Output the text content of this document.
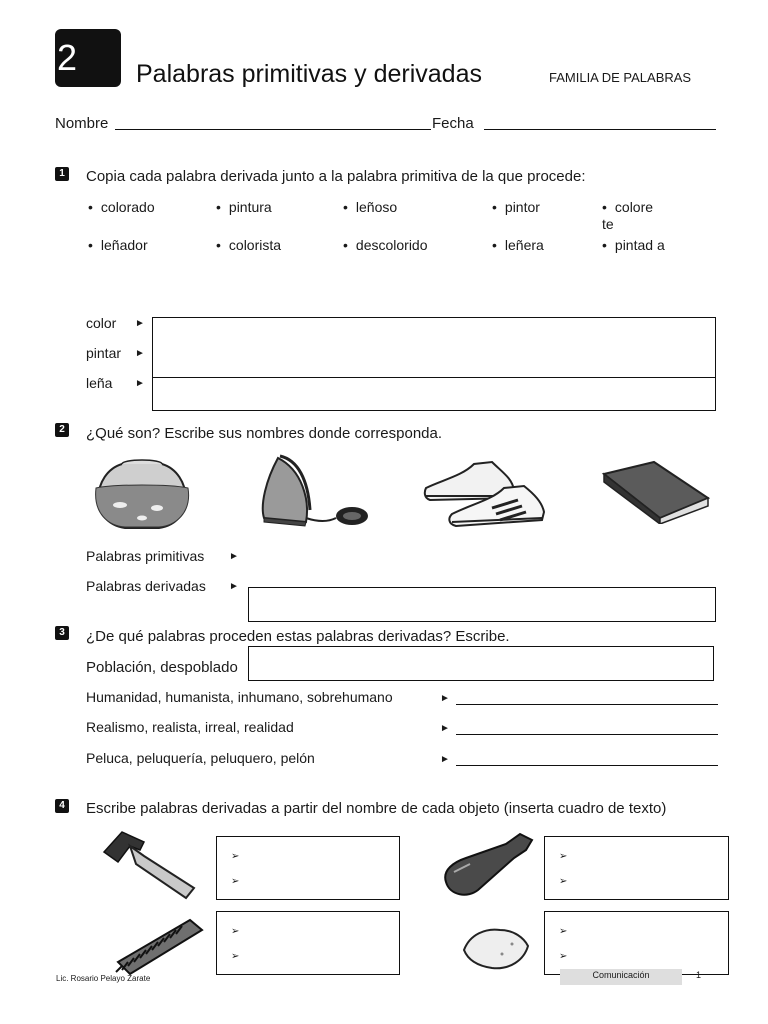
2	Palabras primitivas y derivadas	FAMILIA DE PALABRAS
Nombre	Fecha
1 Copia cada palabra derivada junto a la palabra primitiva de la que procede:
• colorado	• pintura	• leñoso	• pintor	• colore te
• leñador	• colorista	• descolorido	• leñera	• pintad a
color ►
pintar ►
leña ►
2 ¿Qué son? Escribe sus nombres donde corresponda.
Palabras primitivas ►
Palabras derivadas ►
3 ¿De qué palabras proceden estas palabras derivadas? Escribe.
Población, despoblado
Humanidad, humanista, inhumano, sobrehumano	►
Realismo, realista, irreal, realidad	►
Peluca, peluquería, peluquero, pelón	►
4 Escribe palabras derivadas a partir del nombre de cada objeto (inserta cuadro de texto)
➢
➢
➢
➢
➢
➢
➢
➢
Lic. Rosario Pelayo Zarate	Comunicación	1
